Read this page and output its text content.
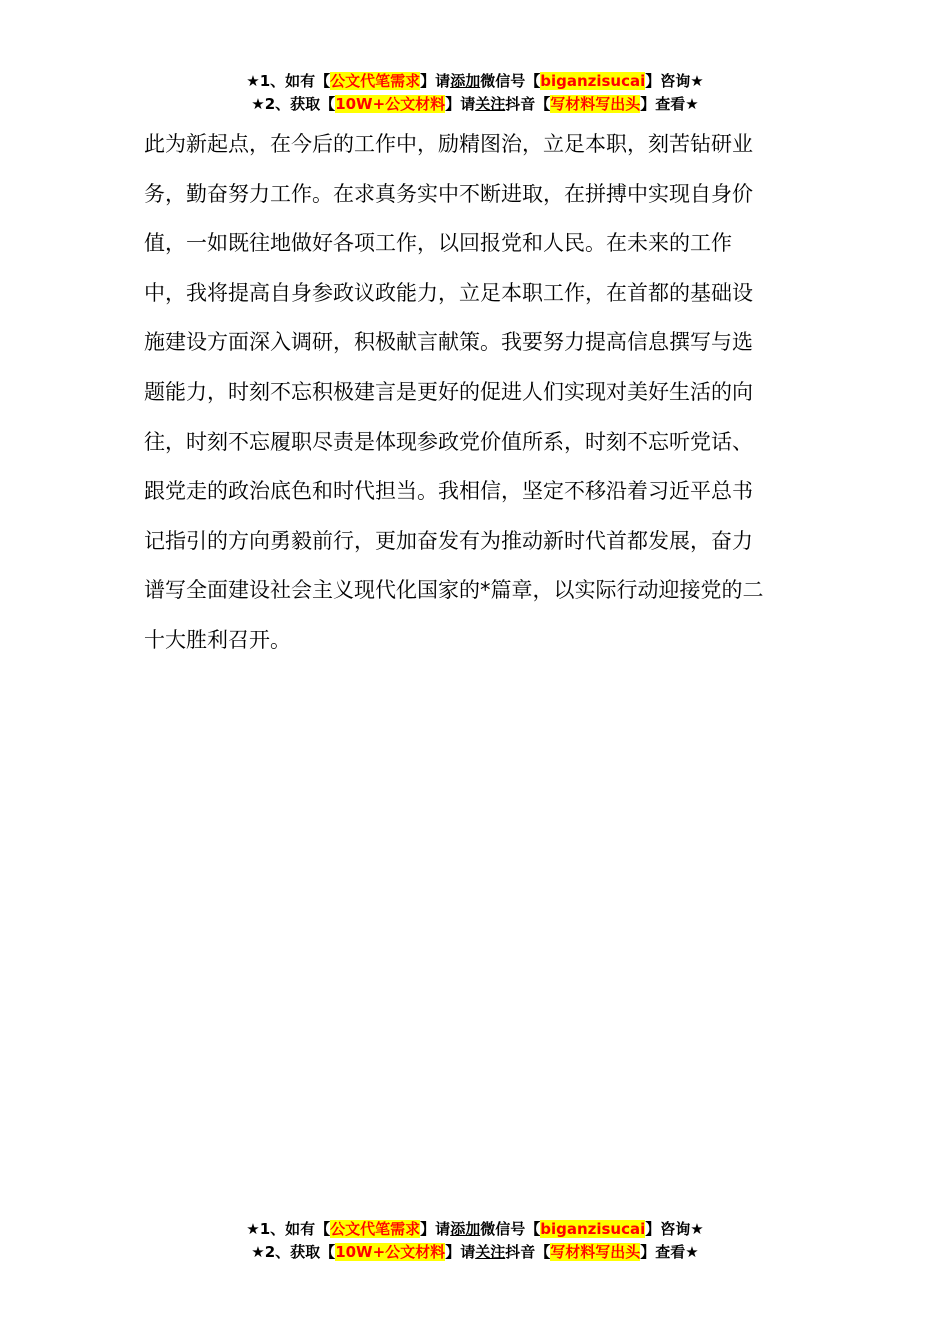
★1、如有【公文代笔需求】请添加微信号【biganzisucai】咨询★
★2、获取【10W+公文材料】请关注抖音【写材料写出头】查看★
此为新起点，在今后的工作中，励精图治，立足本职，刻苦钻研业
务，勤奋努力工作。在求真务实中不断进取，在拼搏中实现自身价
值，一如既往地做好各项工作，以回报党和人民。在未来的工作
中，我将提高自身参政议政能力，立足本职工作，在首都的基础设
施建设方面深入调研，积极献言献策。我要努力提高信息撰写与选
题能力，时刻不忘积极建言是更好的促进人们实现对美好生活的向
往，时刻不忘履职尽责是体现参政党价值所系，时刻不忘听党话、
跟党走的政治底色和时代担当。我相信，坚定不移沿着习近平总书
记指引的方向勇毅前行，更加奋发有为推动新时代首都发展，奋力
谱写全面建设社会主义现代化国家的*篇章，以实际行动迎接党的二
十大胜利召开。
★1、如有【公文代笔需求】请添加微信号【biganzisucai】咨询★
★2、获取【10W+公文材料】请关注抖音【写材料写出头】查看★
